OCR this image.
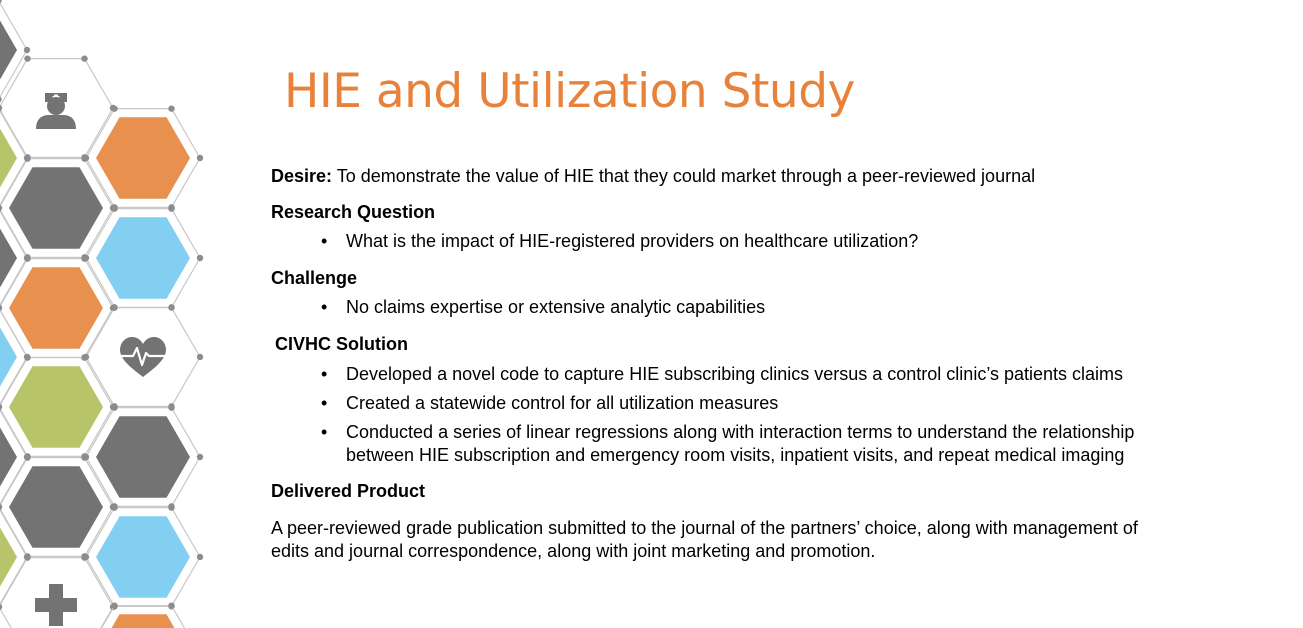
HIE and Utilization Study
Desire: To demonstrate the value of HIE that they could market through a peer-reviewed journal
Research Question
• What is the impact of HIE-registered providers on healthcare utilization?
Challenge
• No claims expertise or extensive analytic capabilities
CIVHC Solution
• Developed a novel code to capture HIE subscribing clinics versus a control clinic’s patients claims
• Created a statewide control for all utilization measures
• Conducted a series of linear regressions along with interaction terms to understand the relationship
between HIE subscription and emergency room visits, inpatient visits, and repeat medical imaging
Delivered Product
A peer-reviewed grade publication submitted to the journal of the partners’ choice, along with management of
edits and journal correspondence, along with joint marketing and promotion.
